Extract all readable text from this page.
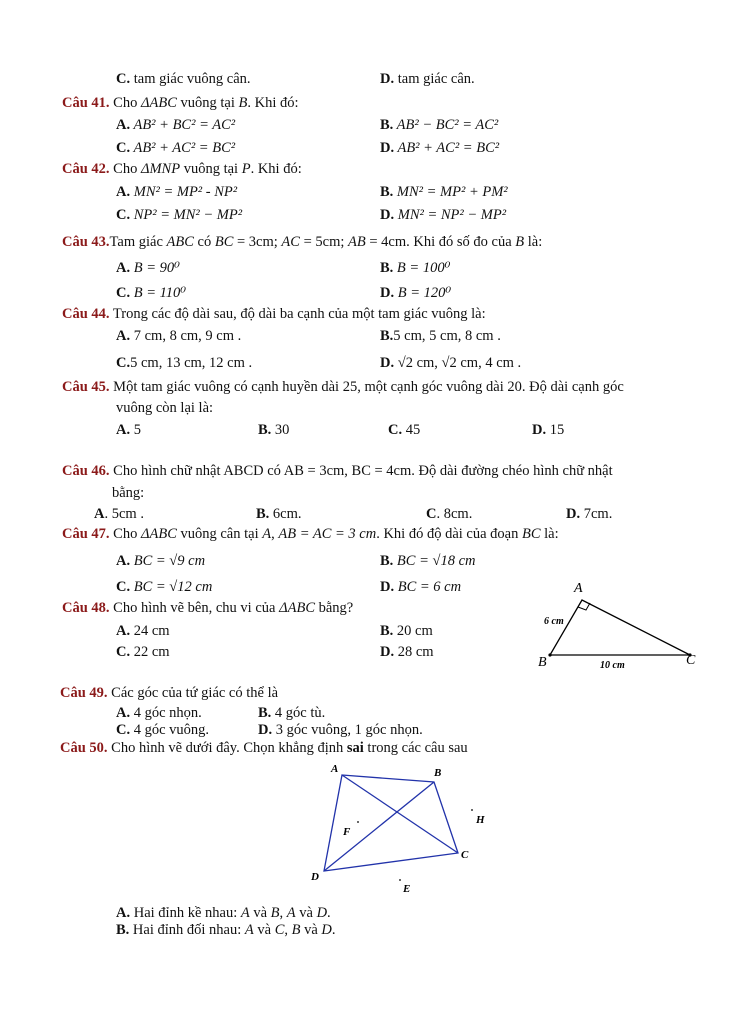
C. tam giác vuông cân.	D. tam giác cân.
Câu 41. Cho ΔABC vuông tại B. Khi đó:
A. AB² + BC² = AC²	B. AB² − BC² = AC²
C. AB² + AC² = BC²	D. AB² + AC² = BC²
Câu 42. Cho ΔMNP vuông tại P. Khi đó:
A. MN² = MP² - NP²	B. MN² = MP² + PM²
C. NP² = MN² − MP²	D. MN² = NP² − MP²
Câu 43.Tam giác ABC có BC = 3cm; AC = 5cm; AB = 4cm. Khi đó số đo của B là:
A. B = 90⁰	B. B = 100⁰
C. B = 110⁰	D. B = 120⁰
Câu 44. Trong các độ dài sau, độ dài ba cạnh của một tam giác vuông là:
A. 7 cm, 8 cm, 9 cm .	B.5 cm, 5 cm, 8 cm .
C.5 cm, 13 cm, 12 cm .	D. √2 cm, √2 cm, 4 cm .
Câu 45. Một tam giác vuông có cạnh huyền dài 25, một cạnh góc vuông dài 20. Độ dài cạnh góc
vuông còn lại là:
A. 5	B. 30	C. 45	D. 15
Câu 46. Cho hình chữ nhật ABCD có AB = 3cm, BC = 4cm. Độ dài đường chéo hình chữ nhật
bằng:
A. 5cm .	B. 6cm.	C. 8cm.	D. 7cm.
Câu 47. Cho ΔABC vuông cân tại A, AB = AC = 3 cm. Khi đó độ dài của đoạn BC là:
A. BC = √9 cm	B. BC = √18 cm
C. BC = √12 cm	D. BC = 6 cm
Câu 48. Cho hình vẽ bên, chu vi của ΔABC bằng?
A. 24 cm	B. 20 cm
C. 22 cm	D. 28 cm
Câu 49. Các góc của tứ giác có thể là
A. 4 góc nhọn.	B. 4 góc tù.
C. 4 góc vuông.	D. 3 góc vuông, 1 góc nhọn.
Câu 50. Cho hình vẽ dưới đây. Chọn khẳng định sai trong các câu sau
A. Hai đỉnh kề nhau: A và B, A và D.
B. Hai đỉnh đối nhau: A và C, B và D.
A
B	C
6 cm
10 cm
A	B
C
D
E
F
H
